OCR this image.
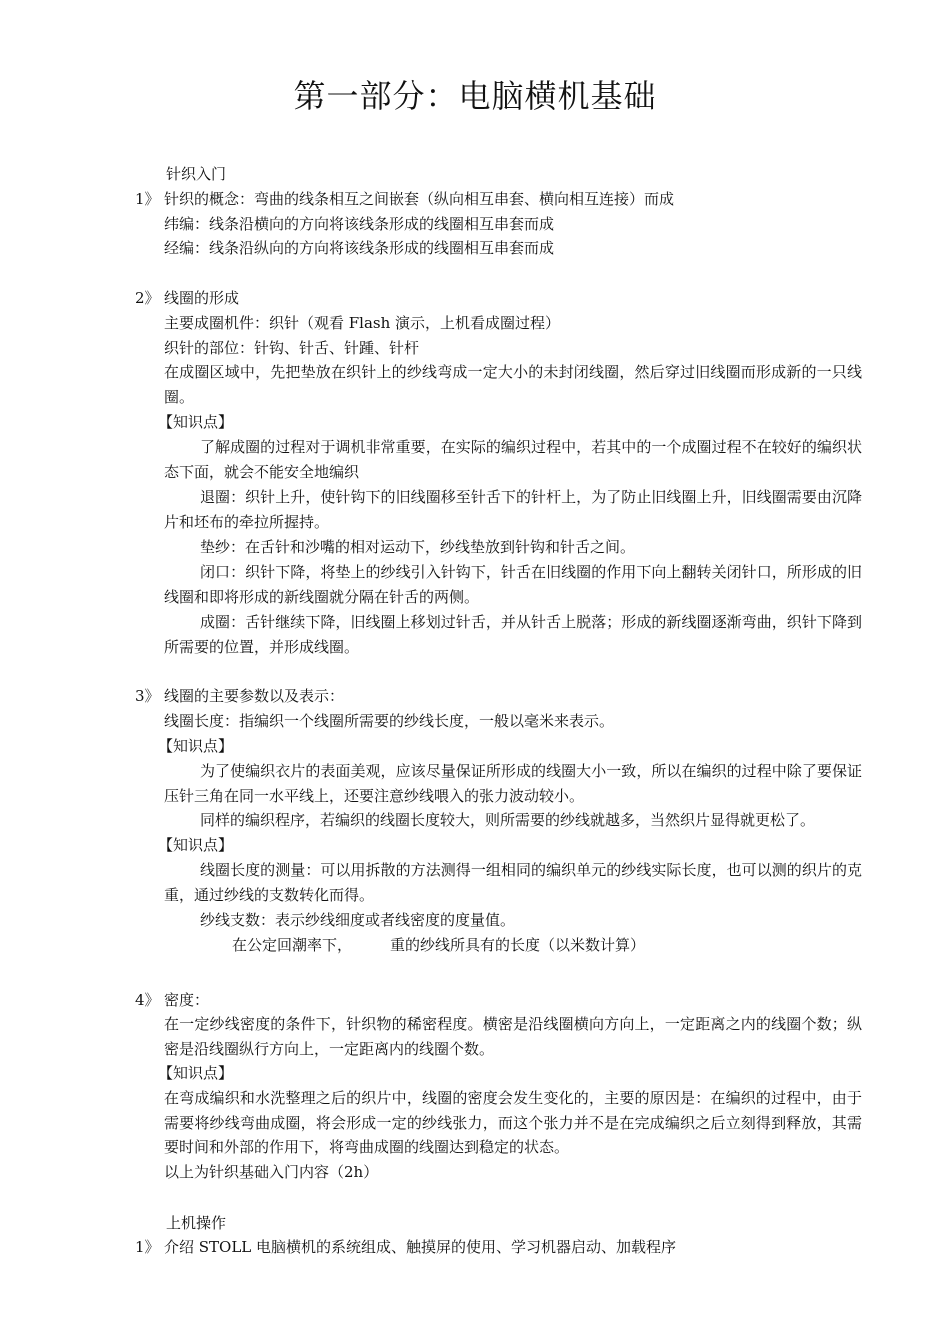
第一部分：电脑横机基础
针织入门
1》 针织的概念：弯曲的线条相互之间嵌套（纵向相互串套、横向相互连接）而成
纬编：线条沿横向的方向将该线条形成的线圈相互串套而成
经编：线条沿纵向的方向将该线条形成的线圈相互串套而成
2》 线圈的形成
主要成圈机件：织针（观看 Flash 演示，上机看成圈过程）
织针的部位：针钩、针舌、针踵、针杆
在成圈区域中，先把垫放在织针上的纱线弯成一定大小的未封闭线圈，然后穿过旧线圈而形成新的一只线圈。
【知识点】
了解成圈的过程对于调机非常重要，在实际的编织过程中，若其中的一个成圈过程不在较好的编织状态下面，就会不能安全地编织
退圈：织针上升，使针钩下的旧线圈移至针舌下的针杆上，为了防止旧线圈上升，旧线圈需要由沉降片和坯布的牵拉所握持。
垫纱：在舌针和沙嘴的相对运动下，纱线垫放到针钩和针舌之间。
闭口：织针下降，将垫上的纱线引入针钩下，针舌在旧线圈的作用下向上翻转关闭针口，所形成的旧线圈和即将形成的新线圈就分隔在针舌的两侧。
成圈：舌针继续下降，旧线圈上移划过针舌，并从针舌上脱落；形成的新线圈逐渐弯曲，织针下降到所需要的位置，并形成线圈。
3》 线圈的主要参数以及表示：
线圈长度：指编织一个线圈所需要的纱线长度，一般以毫米来表示。
【知识点】
为了使编织衣片的表面美观，应该尽量保证所形成的线圈大小一致，所以在编织的过程中除了要保证压针三角在同一水平线上，还要注意纱线喂入的张力波动较小。
同样的编织程序，若编织的线圈长度较大，则所需要的纱线就越多，当然织片显得就更松了。
【知识点】
线圈长度的测量：可以用拆散的方法测得一组相同的编织单元的纱线实际长度，也可以测的织片的克重，通过纱线的支数转化而得。
纱线支数：表示纱线细度或者线密度的度量值。
在公定回潮率下，	重的纱线所具有的长度（以米数计算）
4》 密度：
在一定纱线密度的条件下，针织物的稀密程度。横密是沿线圈横向方向上，一定距离之内的线圈个数；纵密是沿线圈纵行方向上，一定距离内的线圈个数。
【知识点】
在弯成编织和水洗整理之后的织片中，线圈的密度会发生变化的，主要的原因是：在编织的过程中，由于需要将纱线弯曲成圈，将会形成一定的纱线张力，而这个张力并不是在完成编织之后立刻得到释放，其需要时间和外部的作用下，将弯曲成圈的线圈达到稳定的状态。
以上为针织基础入门内容（2h）
上机操作
1》 介绍 STOLL 电脑横机的系统组成、触摸屏的使用、学习机器启动、加载程序
